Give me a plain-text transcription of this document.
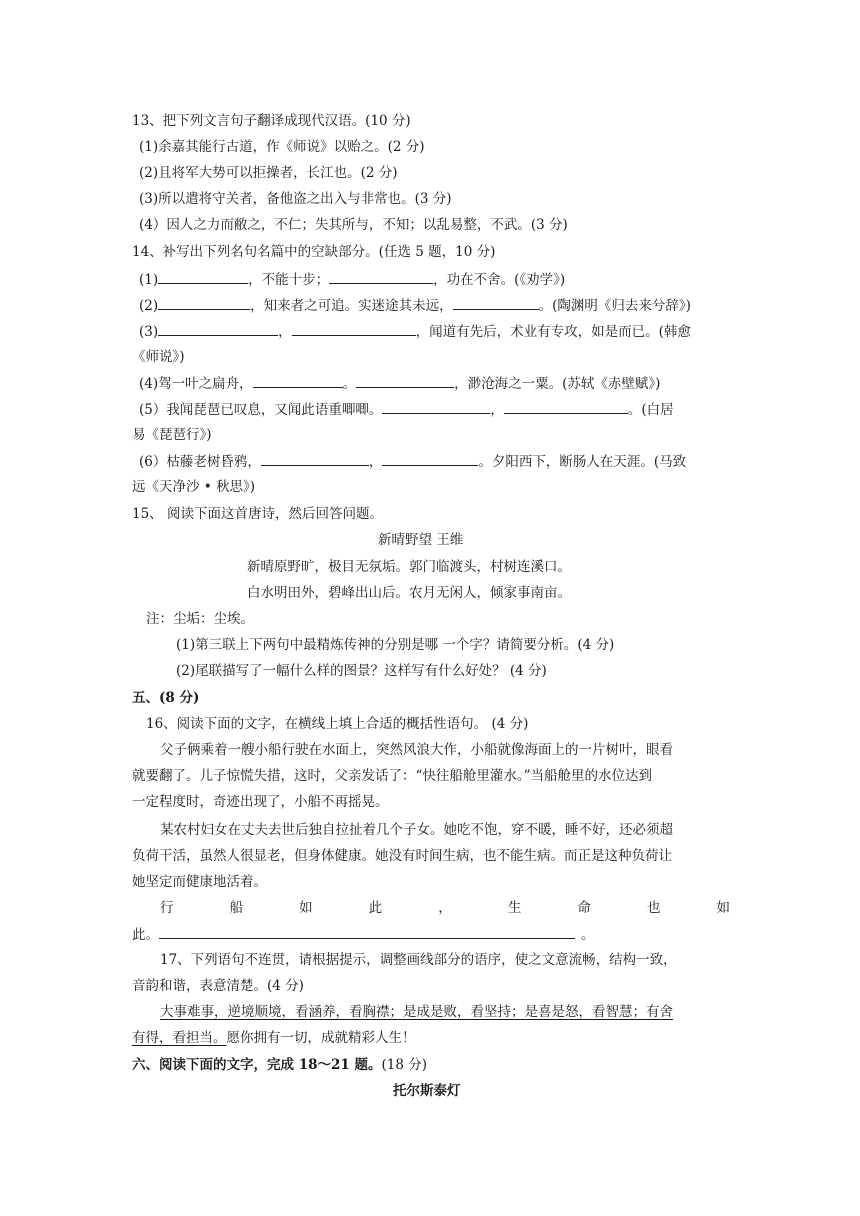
13、把下列文言句子翻译成现代汉语。(10 分)
(1)余嘉其能行古道，作《师说》以贻之。(2 分)
(2)且将军大势可以拒操者，长江也。(2 分)
(3)所以遣将守关者，备他盗之出入与非常也。(3 分)
(4）因人之力而敝之，不仁；失其所与，不知；以乱易整，不武。(3 分)
14、补写出下列名句名篇中的空缺部分。(任选 5 题，10 分)
(1)	，不能十步；	，功在不舍。(《劝学》)
(2)	，知来者之可追。实迷途其未远，	。(陶渊明《归去来兮辞》)
(3)	，	，闻道有先后，术业有专攻，如是而已。(韩愈
《师说》)
(4)驾一叶之扁舟，	。	，渺沧海之一粟。(苏轼《赤壁赋》)
(5）我闻琵琶已叹息，又闻此语重唧唧。	，	。(白居
易《琵琶行》)
(6）枯藤老树昏鸦，	，	。夕阳西下，断肠人在天涯。(马致
远《天净沙 • 秋思》)
15、 阅读下面这首唐诗，然后回答问题。
新晴野望 王维
新晴原野旷，极目无氛垢。郭门临渡头，村树连溪口。
白水明田外，碧峰出山后。农月无闲人，倾家事南亩。
注：尘垢：尘埃。
(1)第三联上下两句中最精炼传神的分别是哪 一个字？请简要分析。(4 分)
(2)尾联描写了一幅什么样的图景？这样写有什么好处？ (4 分)
五、(8 分)
16、阅读下面的文字，在横线上填上合适的概括性语句。 (4 分)
父子俩乘着一艘小船行驶在水面上，突然风浪大作，小船就像海面上的一片树叶，眼看
就要翻了。儿子惊慌失措，这时，父亲发话了：“快往船舱里灌水。”当船舱里的水位达到
一定程度时，奇迹出现了，小船不再摇晃。
某农村妇女在丈夫去世后独自拉扯着几个子女。她吃不饱，穿不暖，睡不好，还必须超
负荷干活，虽然人很显老，但身体健康。她没有时间生病，也不能生病。而正是这种负荷让
她坚定而健康地活着。
行	船	如	此	，	生	命	也	如
此。	。
17、下列语句不连贯，请根据提示，调整画线部分的语序，使之文意流畅，结构一致，
音韵和谐，表意清楚。(4 分)
大事难事，逆境顺境，看涵养，看胸襟；是成是败，看坚持；是喜是怒，看智慧；有舍
有得，看担当。愿你拥有一切，成就精彩人生！
六、阅读下面的文字，完成 18～21 题。(18 分)
托尔斯泰灯
